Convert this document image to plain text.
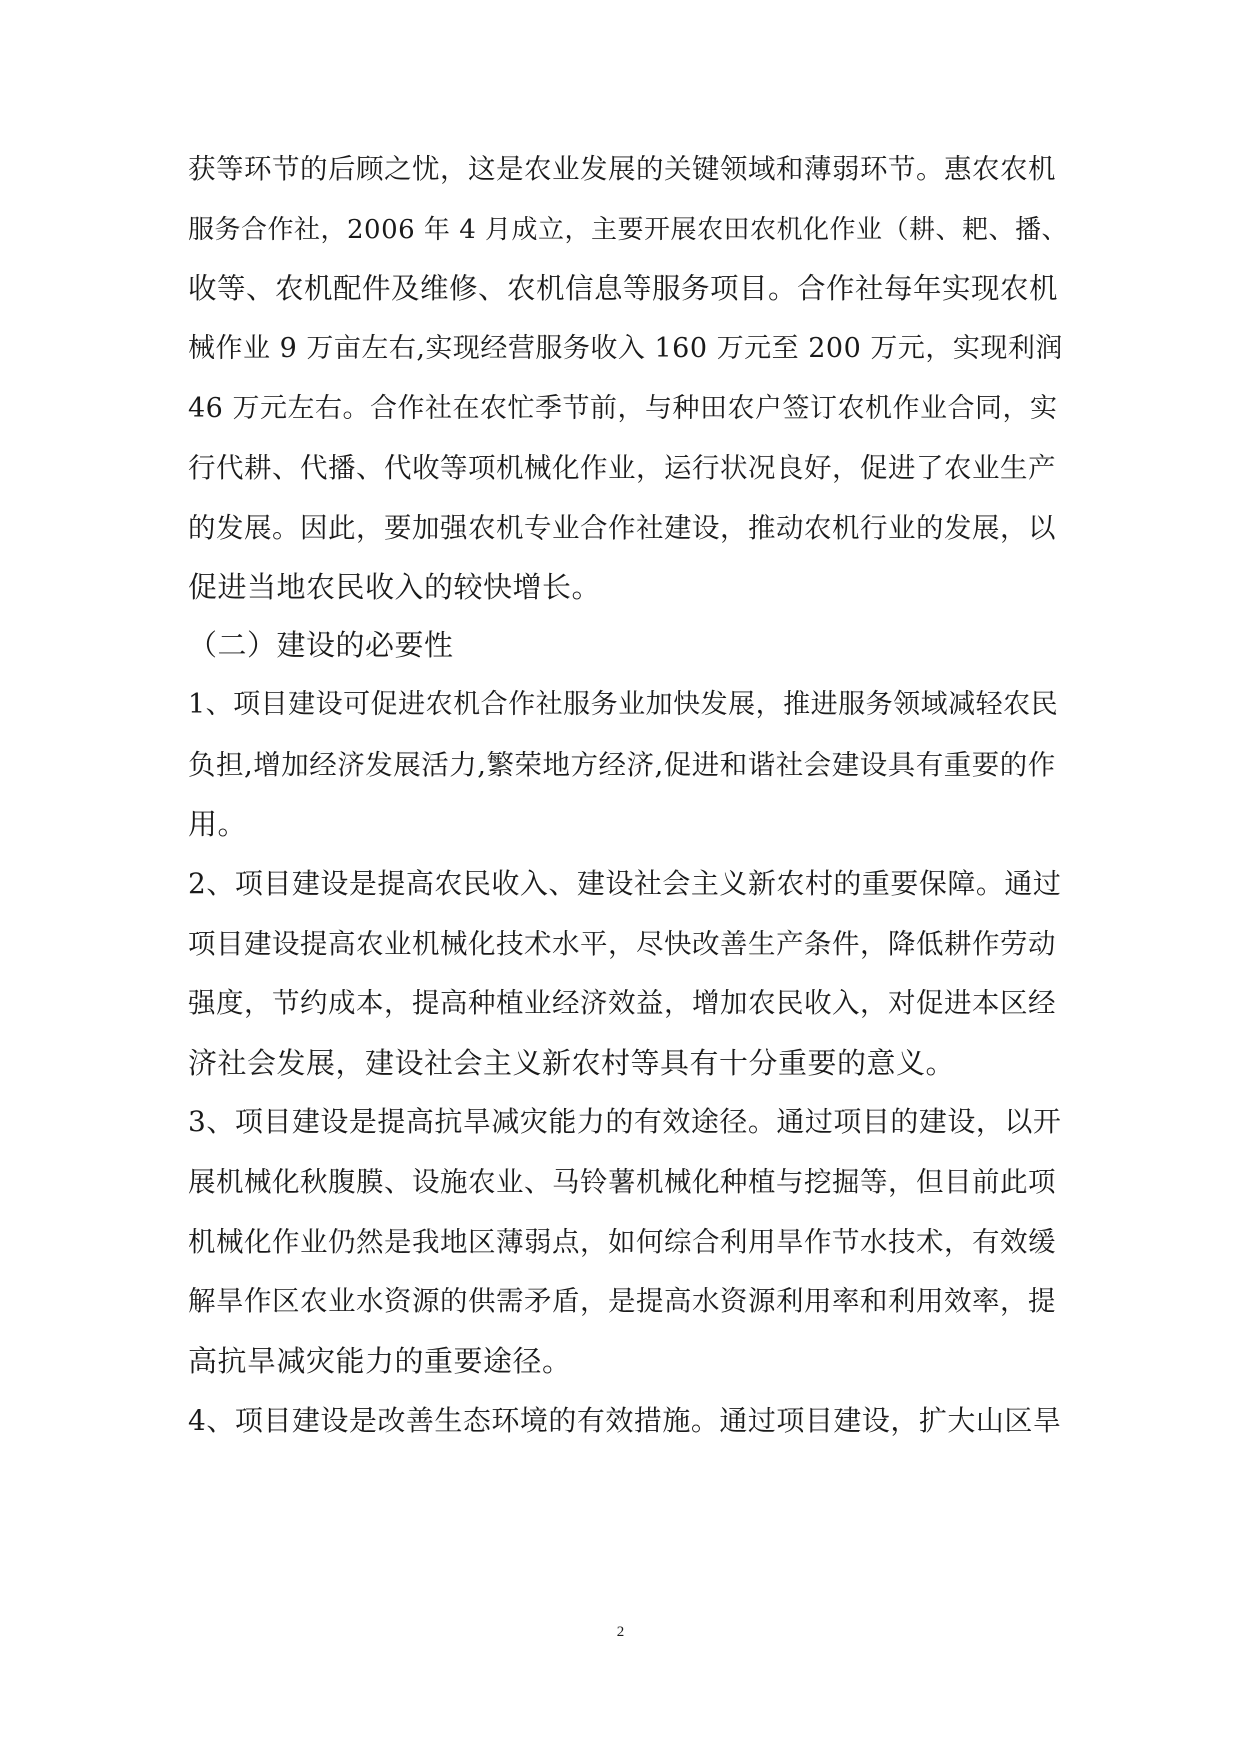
获等环节的后顾之忧，这是农业发展的关键领域和薄弱环节。惠农农机
服务合作社，2006 年 4 月成立，主要开展农田农机化作业（耕、耙、播、
收等、农机配件及维修、农机信息等服务项目。合作社每年实现农机
械作业 9 万亩左右,实现经营服务收入 160 万元至 200 万元，实现利润
46 万元左右。合作社在农忙季节前，与种田农户签订农机作业合同，实
行代耕、代播、代收等项机械化作业，运行状况良好，促进了农业生产
的发展。因此，要加强农机专业合作社建设，推动农机行业的发展，以
促进当地农民收入的较快增长。
（二）建设的必要性
1、项目建设可促进农机合作社服务业加快发展，推进服务领域减轻农民
负担,增加经济发展活力,繁荣地方经济,促进和谐社会建设具有重要的作
用。
2、项目建设是提高农民收入、建设社会主义新农村的重要保障。通过
项目建设提高农业机械化技术水平，尽快改善生产条件，降低耕作劳动
强度，节约成本，提高种植业经济效益，增加农民收入，对促进本区经
济社会发展，建设社会主义新农村等具有十分重要的意义。
3、项目建设是提高抗旱减灾能力的有效途径。通过项目的建设，以开
展机械化秋腹膜、设施农业、马铃薯机械化种植与挖掘等，但目前此项
机械化作业仍然是我地区薄弱点，如何综合利用旱作节水技术，有效缓
解旱作区农业水资源的供需矛盾，是提高水资源利用率和利用效率，提
高抗旱减灾能力的重要途径。
4、项目建设是改善生态环境的有效措施。通过项目建设，扩大山区旱
2
